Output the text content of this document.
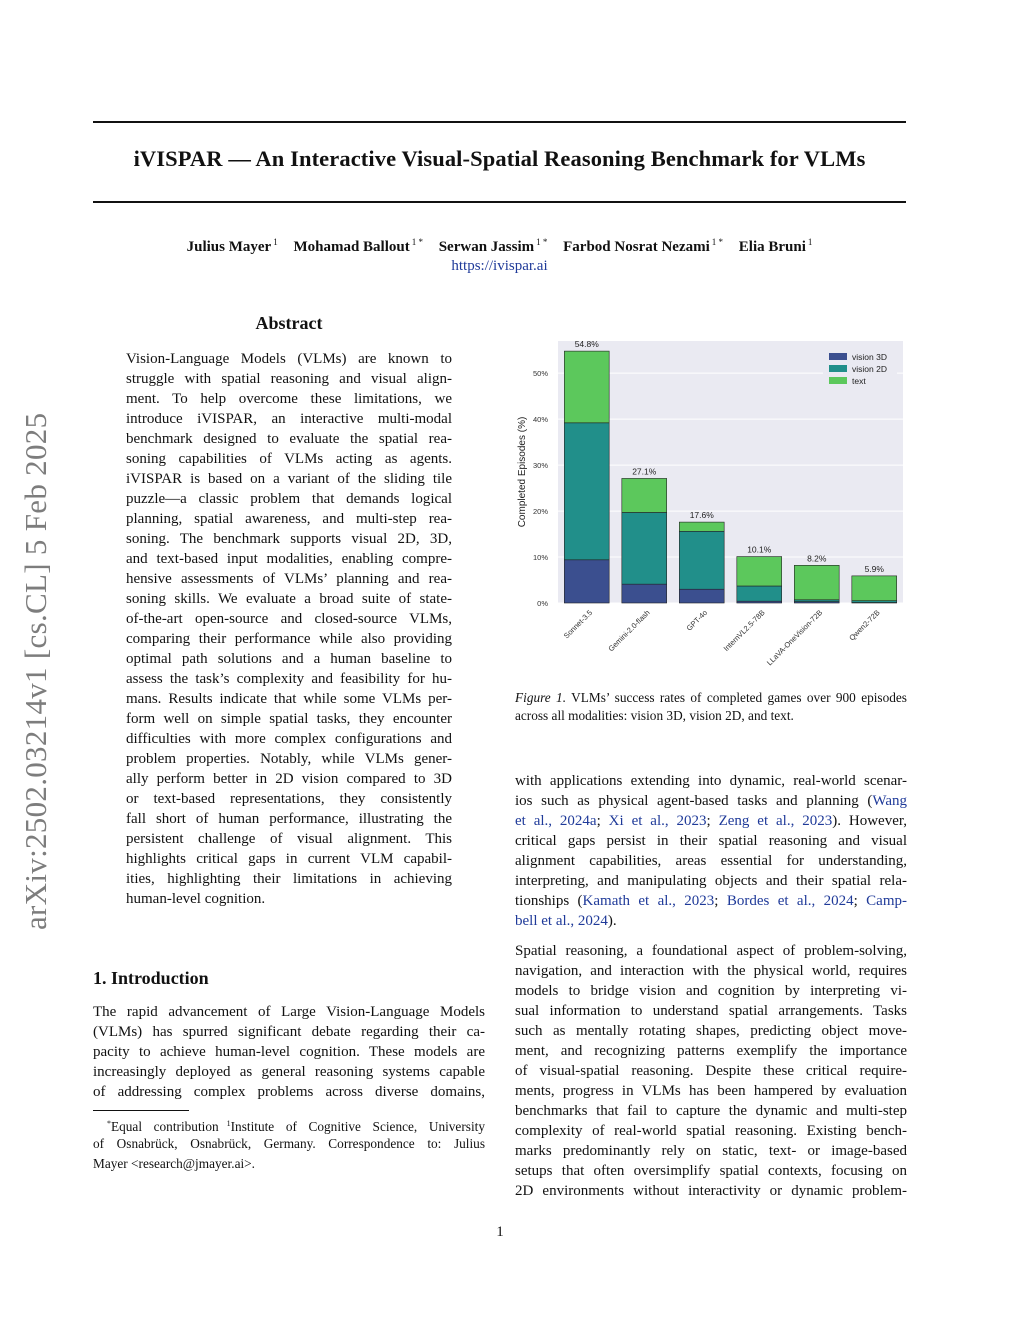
arXiv:2502.03214v1 [cs.CL] 5 Feb 2025
iVISPAR — An Interactive Visual-Spatial Reasoning Benchmark for VLMs
Julius Mayer $^1$ Mohamad Ballout $^{1 *}$ Serwan Jassim $^{1 *}$ Farbod Nosrat Nezami $^{1 *}$ Elia Bruni $^1$
https://ivispar.ai
Abstract
Vision-Language Models (VLMs) are known to
struggle with spatial reasoning and visual align-
ment. To help overcome these limitations, we
introduce iVISPAR, an interactive multi-modal
benchmark designed to evaluate the spatial rea-
soning capabilities of VLMs acting as agents.
iVISPAR is based on a variant of the sliding tile
puzzle—a classic problem that demands logical
planning, spatial awareness, and multi-step rea-
soning. The benchmark supports visual 2D, 3D,
and text-based input modalities, enabling compre-
hensive assessments of VLMs’ planning and rea-
soning skills. We evaluate a broad suite of state-
of-the-art open-source and closed-source VLMs,
comparing their performance while also providing
optimal path solutions and a human baseline to
assess the task’s complexity and feasibility for hu-
mans. Results indicate that while some VLMs per-
form well on simple spatial tasks, they encounter
difficulties with more complex configurations and
problem properties. Notably, while VLMs gener-
ally perform better in 2D vision compared to 3D
or text-based representations, they consistently
fall short of human performance, illustrating the
persistent challenge of visual alignment. This
highlights critical gaps in current VLM capabil-
ities, highlighting their limitations in achieving
human-level cognition.
1. Introduction
The rapid advancement of Large Vision-Language Models
(VLMs) has spurred significant debate regarding their ca-
pacity to achieve human-level cognition. These models are
increasingly deployed as general reasoning systems capable
of addressing complex problems across diverse domains,
*Equal contribution $^1$Institute of Cognitive Science, University
of Osnabrück, Osnabrück, Germany. Correspondence to: Julius
Mayer <research@jmayer.ai>.
0%
10%
20%
30%
40%
50%
Sonnet-3.5 Gemini-2.0-flash	GPT-4o InternVL2.5-78B
LLaVA-OneVision-72B	Qwen2-72B
54.8%
27.1%
17.6%
10.1%
8.2%
5.9%
Completed Episodes (%)
vision 3D
vision 2D
text
Figure 1. VLMs’ success rates of completed games over 900 episodes across all modalities: vision 3D, vision 2D, and text.
with applications extending into dynamic, real-world scenar-
ios such as physical agent-based tasks and planning (Wang
et al., 2024a; Xi et al., 2023; Zeng et al., 2023). However,
critical gaps persist in their spatial reasoning and visual
alignment capabilities, areas essential for understanding,
interpreting, and manipulating objects and their spatial rela-
tionships (Kamath et al., 2023; Bordes et al., 2024; Camp-
bell et al., 2024).
Spatial reasoning, a foundational aspect of problem-solving,
navigation, and interaction with the physical world, requires
models to bridge vision and cognition by interpreting vi-
sual information to understand spatial arrangements. Tasks
such as mentally rotating shapes, predicting object move-
ment, and recognizing patterns exemplify the importance
of visual-spatial reasoning. Despite these critical require-
ments, progress in VLMs has been hampered by evaluation
benchmarks that fail to capture the dynamic and multi-step
complexity of real-world spatial reasoning. Existing bench-
marks predominantly rely on static, text- or image-based
setups that often oversimplify spatial contexts, focusing on
2D environments without interactivity or dynamic problem-
1
